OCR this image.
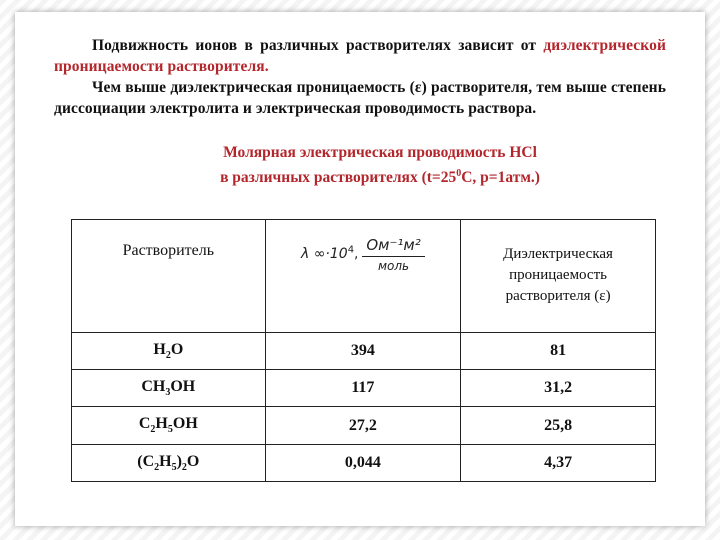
Подвижность ионов в различных растворителях зависит от диэлектрической проницаемости растворителя.

Чем выше диэлектрическая проницаемость (ε) растворителя, тем выше степень диссоциации электролита и электрическая проводимость раствора.

Молярная электрическая проводимость HCl
в различных растворителях ($t=25^0C$, p=1атм.)
Растворитель	λ $\infty\cdot 10^4$, $\frac{\text{Ом⁻¹м²}}{\text{моль}}$	Диэлектрическая проницаемость растворителя (ε)
$H_2O$	394	81
$CH_3OH$	117	31,2
$C_2H_5OH$	27,2	25,8
$(C_2H_5)_2O$	0,044	4,37
